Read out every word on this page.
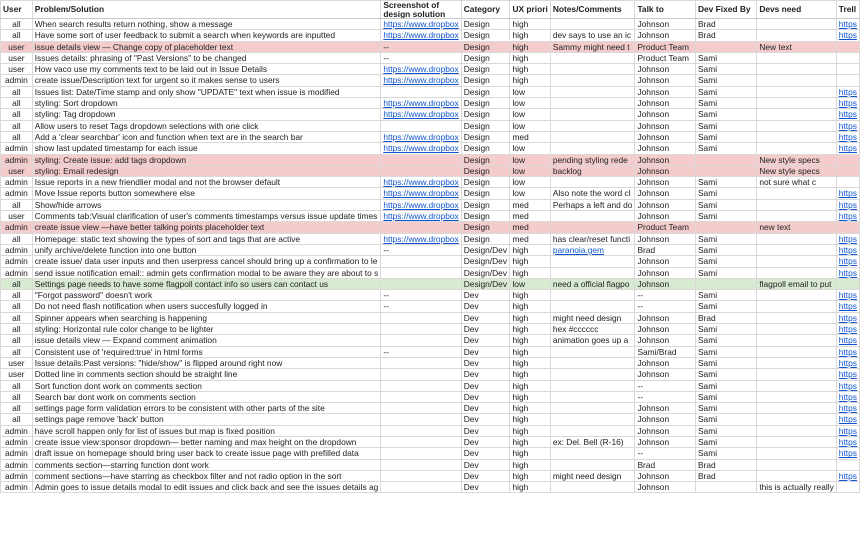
User	Problem/Solution	Screenshot of design solution	Category	UX priori	Notes/Comments	Talk to	Dev Fixed By	Devs need	Trell
all	When search results return nothing, show a message	https://www.dropbox	Design	high		Johnson	Brad		https
all	Have some sort of user feedback to submit a search when keywords are inputted	https://www.dropbox	Design	high	dev says to use an ic	Johnson	Brad		https
user	issue details view — Change copy of placeholder text	--	Design	high	Sammy might need t	Product Team		New text	
user	Issues details: phrasing of "Past Versions" to be changed	--	Design	high		Product Team	Sami		
user	How vaco use my comments text to be laid out in Issue Details	https://www.dropbox	Design	high		Johnson	Sami		
admin	create issue/Description text for urgent so it makes sense to users	https://www.dropbox	Design	high		Johnson	Sami		
all	Issues list: Date/Time stamp and only show "UPDATE" text when issue is modified		Design	low		Johnson	Sami		https
all	styling: Sort dropdown	https://www.dropbox	Design	low		Johnson	Sami		https
all	styling: Tag dropdown	https://www.dropbox	Design	low		Johnson	Sami		https
all	Allow users to reset Tags dropdown selections with one click		Design	low		Johnson	Sami		https
all	Add a 'clear searchbar' icon and function when text are in the search bar	https://www.dropbox	Design	med		Johnson	Sami		https
admin	show last updated timestamp for each issue	https://www.dropbox	Design	low		Johnson	Sami		https
admin	styling: Create issue: add tags dropdown		Design	low	pending styling rede	Johnson		New style specs	
user	styling: Email redesign		Design	low	backlog	Johnson		New style specs	
admin	Issue reports in a new friendlier modal and not the browser default	https://www.dropbox	Design	low		Johnson	Sami	not sure what c	
admin	Move Issue reports button somewhere else	https://www.dropbox	Design	low	Also note the word cl	Johnson	Sami		https
all	Show/hide arrows	https://www.dropbox	Design	med	Perhaps a left and do	Johnson	Sami		https
user	Comments tab:Visual clarification of user's comments timestamps versus issue update times	https://www.dropbox	Design	med		Johnson	Sami		https
admin	create issue view —have better talking points placeholder text		Design	med		Product Team		new text	
all	Homepage: static text showing the types of sort and tags that are active	https://www.dropbox	Design	med	has clear/reset functi	Johnson	Sami		https
admin	unify archive/delete function into one button	--	Design/Dev	high	paranoia.gem	Brad	Sami		https
admin	create issue/ data user inputs and then userpress cancel should bring up a confirmation to le		Design/Dev	high		Johnson	Sami		https
admin	send issue notification email:: admin gets confirmation modal to be aware they are about to s		Design/Dev	high		Johnson	Sami		https
all	Settings page needs to have some flagpoll contact info so users can contact us		Design/Dev	low	need a official flagpo	Johnson		flagpoll email to put	
all	"Forgot password" doesn't work	--	Dev	high		--	Sami		https
all	Do not need flash notification when users succesfully logged in	--	Dev	high		--	Sami		https
all	Spinner appears when searching is happening		Dev	high	might need design	Johnson	Brad		https
all	styling: Horizontal rule color change to be lighter		Dev	high	hex #cccccc	Johnson	Sami		https
all	issue details view — Expand comment animation		Dev	high	animation goes up a	Johnson	Sami		https
all	Consistent use of 'required:true' in html forms	--	Dev	high		Sami/Brad	Sami		https
user	Issue details:Past versions: "hide/show" is flipped around right now		Dev	high		Johnson	Sami		https
user	Dotted line in comments section should be straight line		Dev	high		Johnson	Sami		https
all	Sort function dont work on comments section		Dev	high		--	Sami		https
all	Search bar dont work on comments section		Dev	high		--	Sami		https
all	settings page form validation errors to be consistent with other parts of the site		Dev	high		Johnson	Sami		https
all	settings page remove 'back' button		Dev	high		Johnson	Sami		https
admin	have scroll happen only for list of issues but map is fixed position		Dev	high		Johnson	Sami		https
admin	create issue view:sponsor dropdown— better naming and max height on the dropdown		Dev	high	ex: Del. Bell (R-16)	Johnson	Sami		https
admin	draft issue on homepage should bring user back to create issue page with prefilled data		Dev	high		--	Sami		https
admin	comments section—starring function dont work		Dev	high		Brad	Brad		
admin	comment sections—have starring as checkbox filter and not radio option in the sort		Dev	high	might need design	Johnson	Brad		https
admin	Admin goes to issue details modal to edit issues and click back and see the issues details ag		Dev	high		Johnson		this is actually really	
